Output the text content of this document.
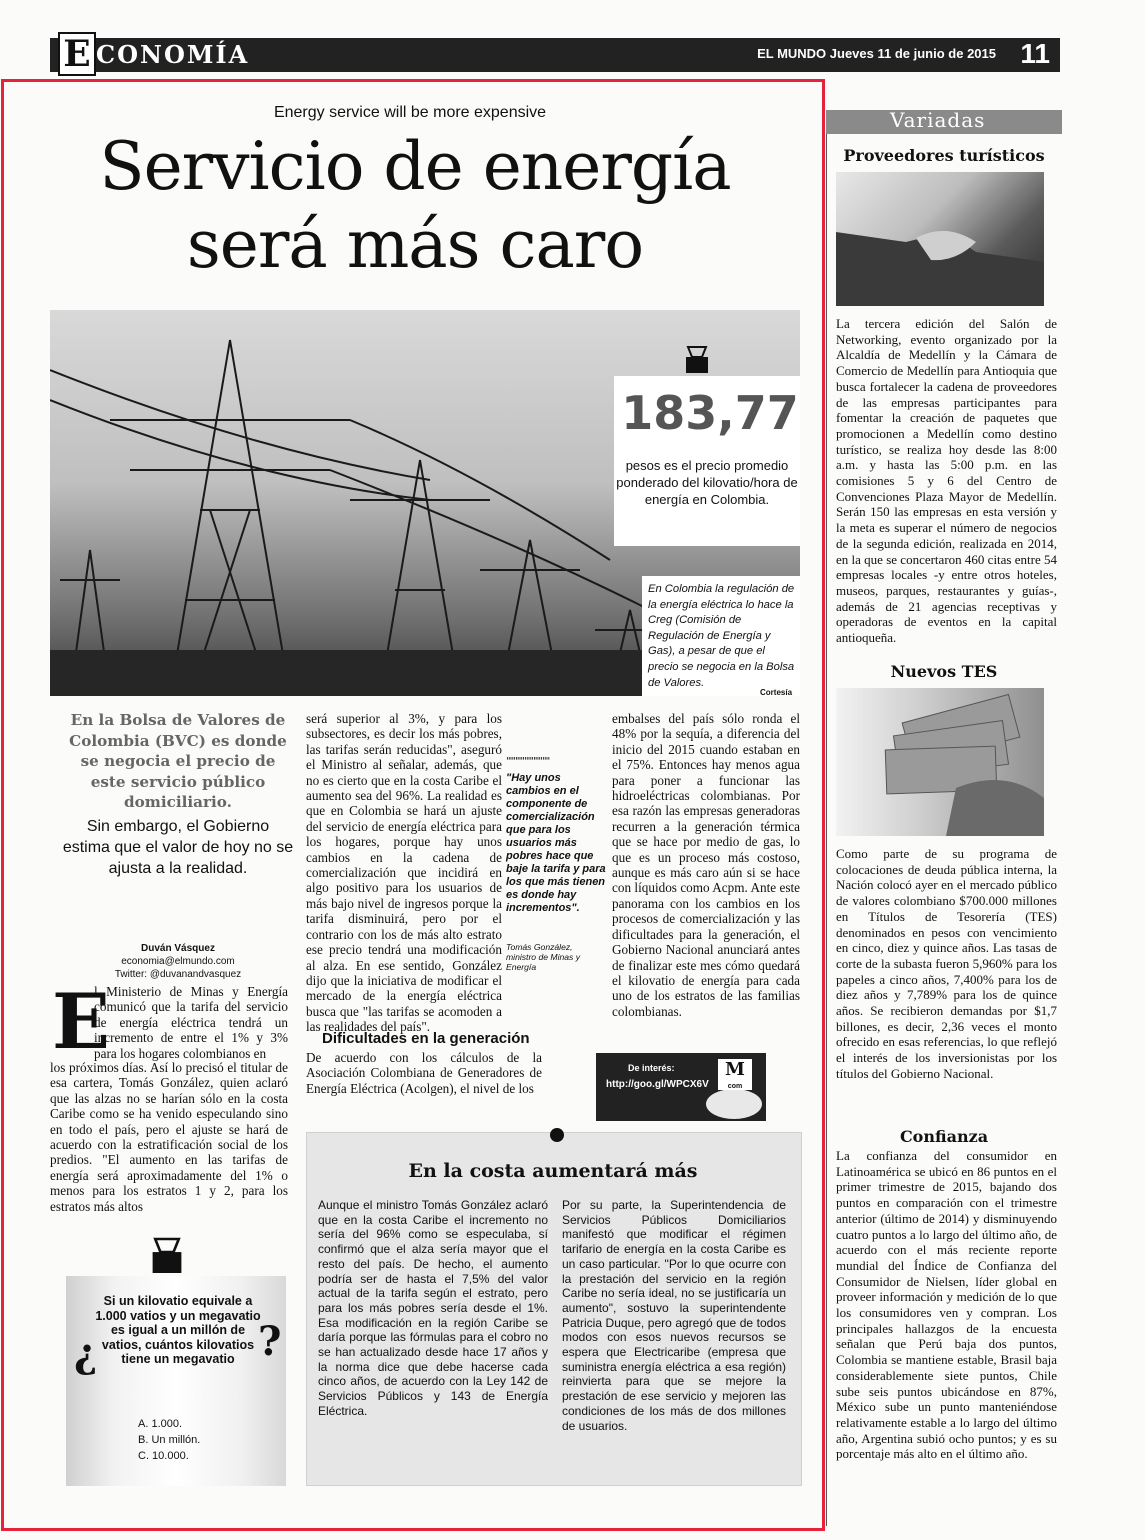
E CONOMÍA	EL MUNDO Jueves 11 de junio de 2015 11
Energy service will be more expensive
Servicio de energía
será más caro
183,77
pesos es el precio promedio ponderado del kilovatio/hora de energía en Colombia.
En Colombia la regulación de la energía eléctrica lo hace la Creg (Comisión de Regulación de Energía y Gas), a pesar de que el precio se negocia en la Bolsa de Valores.
Cortesía
En la Bolsa de Valores de Colombia (BVC) es donde se negocia el precio de este servicio público domiciliario.
Sin embargo, el Gobierno estima que el valor de hoy no se ajusta a la realidad.
Duván Vásquez
economia@elmundo.com
Twitter: @duvanandvasquez
E
l Ministerio de Minas y Energía comunicó que la tarifa del servicio de energía eléctrica tendrá un incremento de entre el 1% y 3% para los hogares colombianos en
los próximos días. Así lo precisó el titular de esa cartera, Tomás González, quien aclaró que las alzas no se harían sólo en la costa Caribe como se ha venido especulando sino en todo el país, pero el ajuste se hará de acuerdo con la estratificación social de los predios. "El aumento en las tarifas de energía será aproximadamente del 1% o menos para los estratos 1 y 2, para los estratos más altos
será superior al 3%, y para los subsectores, es decir los más pobres, las tarifas serán reducidas", aseguró el Ministro al señalar, además, que no es cierto que en la costa Caribe el aumento sea del 96%. La realidad es que en Colombia se hará un ajuste del servicio de energía eléctrica para los hogares, porque hay unos cambios en la cadena de comercialización que incidirá en algo positivo para los usuarios de más bajo nivel de ingresos porque la tarifa disminuirá, pero por el contrario con los de más alto estrato ese precio tendrá una modificación al alza. En ese sentido, González dijo que la iniciativa de modificar el mercado de la energía eléctrica busca que "las tarifas se acomoden a las realidades del país".
Dificultades en la generación
De acuerdo con los cálculos de la Asociación Colombiana de Generadores de Energía Eléctrica (Acolgen), el nivel de los
""""""""""""
"Hay unos cambios en el componente de comercialización que para los usuarios más pobres hace que baje la tarifa y para los que más tienen es donde hay incrementos".
Tomás González, ministro de Minas y Energía
embalses del país sólo ronda el 48% por la sequía, a diferencia del inicio del 2015 cuando estaban en el 75%. Entonces hay menos agua para poner a funcionar las hidroeléctricas colombianas. Por esa razón las empresas generadoras recurren a la generación térmica que se hace por medio de gas, lo que es un proceso más costoso, aunque es más caro aún si se hace con líquidos como Acpm. Ante este panorama con los cambios en los procesos de comercialización y las dificultades para la generación, el Gobierno Nacional anunciará antes de finalizar este mes cómo quedará el kilovatio de energía para cada uno de los estratos de las familias colombianas.
De interés:
http://goo.gl/WPCX6V
M
com
¿	?
Si un kilovatio equivale a 1.000 vatios y un megavatio es igual a un millón de vatios, cuántos kilovatios tiene un megavatio
A. 1.000.
B. Un millón.
C. 10.000.
En la costa aumentará más
Aunque el ministro Tomás González aclaró que en la costa Caribe el incremento no sería del 96% como se especulaba, sí confirmó que el alza sería mayor que el resto del país. De hecho, el aumento podría ser de hasta el 7,5% del valor actual de la tarifa según el estrato, pero para los más pobres sería desde el 1%. Esa modificación en la región Caribe se daría porque las fórmulas para el cobro no se han actualizado desde hace 17 años y la norma dice que debe hacerse cada cinco años, de acuerdo con la Ley 142 de Servicios Públicos y 143 de Energía Eléctrica.
Por su parte, la Superintendencia de Servicios Públicos Domiciliarios manifestó que modificar el régimen tarifario de energía en la costa Caribe es un caso particular. "Por lo que ocurre con la prestación del servicio en la región Caribe no sería ideal, no se justificaría un aumento", sostuvo la superintendente Patricia Duque, pero agregó que de todos modos con esos nuevos recursos se espera que Electricaribe (empresa que suministra energía eléctrica a esa región) reinvierta para que se mejore la prestación de ese servicio y mejoren las condiciones de los más de dos millones de usuarios.
Variadas
Proveedores turísticos
La tercera edición del Salón de Networking, evento organizado por la Alcaldía de Medellín y la Cámara de Comercio de Medellín para Antioquia que busca fortalecer la cadena de proveedores de las empresas participantes para fomentar la creación de paquetes que promocionen a Medellín como destino turístico, se realiza hoy desde las 8:00 a.m. y hasta las 5:00 p.m. en las comisiones 5 y 6 del Centro de Convenciones Plaza Mayor de Medellín. Serán 150 las empresas en esta versión y la meta es superar el número de negocios de la segunda edición, realizada en 2014, en la que se concertaron 460 citas entre 54 empresas locales -y entre otros hoteles, museos, parques, restaurantes y guías-, además de 21 agencias receptivas y operadoras de eventos en la capital antioqueña.
Nuevos TES
Como parte de su programa de colocaciones de deuda pública interna, la Nación colocó ayer en el mercado público de valores colombiano $700.000 millones en Títulos de Tesorería (TES) denominados en pesos con vencimiento en cinco, diez y quince años. Las tasas de corte de la subasta fueron 5,960% para los papeles a cinco años, 7,400% para los de diez años y 7,789% para los de quince años. Se recibieron demandas por $1,7 billones, es decir, 2,36 veces el monto ofrecido en esas referencias, lo que reflejó el interés de los inversionistas por los títulos del Gobierno Nacional.
Confianza
La confianza del consumidor en Latinoamérica se ubicó en 86 puntos en el primer trimestre de 2015, bajando dos puntos en comparación con el trimestre anterior (último de 2014) y disminuyendo cuatro puntos a lo largo del último año, de acuerdo con el más reciente reporte mundial del Índice de Confianza del Consumidor de Nielsen, líder global en proveer información y medición de lo que los consumidores ven y compran. Los principales hallazgos de la encuesta señalan que Perú baja dos puntos, Colombia se mantiene estable, Brasil baja considerablemente siete puntos, Chile sube seis puntos ubicándose en 87%, México sube un punto manteniéndose relativamente estable a lo largo del último año, Argentina subió ocho puntos; y es su porcentaje más alto en el último año.
